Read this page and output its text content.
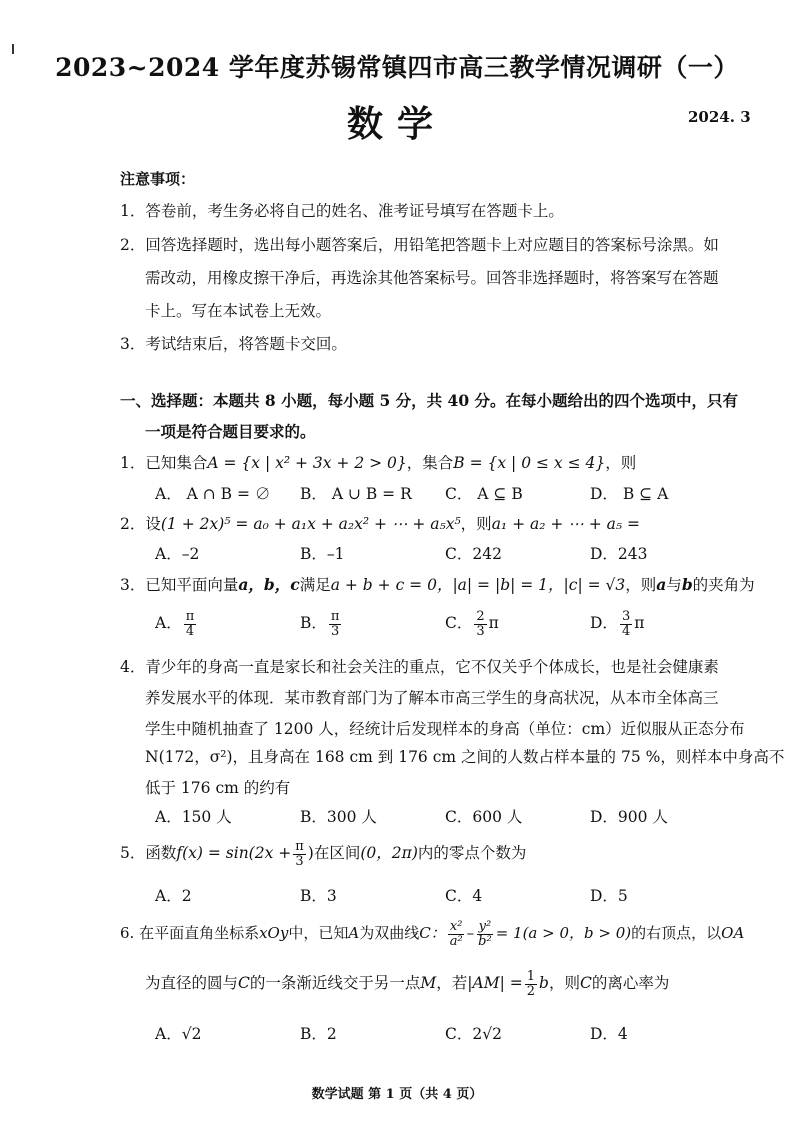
2023~2024 学年度苏锡常镇四市高三教学情况调研（一）
数学	2024. 3
注意事项：
1．答卷前，考生务必将自己的姓名、准考证号填写在答题卡上。
2．回答选择题时，选出每小题答案后，用铅笔把答题卡上对应题目的答案标号涂黑。如
需改动，用橡皮擦干净后，再选涂其他答案标号。回答非选择题时，将答案写在答题
卡上。写在本试卷上无效。
3．考试结束后，将答题卡交回。
一、选择题：本题共 8 小题，每小题 5 分，共 40 分。在每小题给出的四个选项中，只有
一项是符合题目要求的。
1．已知集合A = {x | x² + 3x + 2 > 0}，集合B = {x | 0 ≤ x ≤ 4}，则
A． A ∩ B = ∅ B． A ∪ B = R C． A ⊆ B	D． B ⊆ A
2．设(1 + 2x)⁵ = a₀ + a₁x + a₂x² + ⋯ + a₅x⁵，则a₁ + a₂ + ⋯ + a₅ =
A．–2	B．–1	C．242	D．243
3．已知平面向量a，b，c满足a + b + c = 0，|a| = |b| = 1，|c| = √3，则a与b的夹角为
A． $\frac{\pi}{4}$	B． $\frac{\pi}{3}$	C． $\frac{2}{3}$ π	D． $\frac{3}{4}$ π
4．青少年的身高一直是家长和社会关注的重点，它不仅关乎个体成长，也是社会健康素
养发展水平的体现．某市教育部门为了解本市高三学生的身高状况，从本市全体高三
学生中随机抽查了 1200 人，经统计后发现样本的身高（单位：cm）近似服从正态分布
N(172，σ²)，且身高在 168 cm 到 176 cm 之间的人数占样本量的 75 %，则样本中身高不
低于 176 cm 的约有
A．150 人	B．300 人	C．600 人	D．900 人
5．函数$f(x) = \sin(2x + \frac{\pi}{3}$ )在区间(0，2π)内的零点个数为
A．2	B．3	C．4	D．5
6. 在平面直角坐标系xOy中，已知A为双曲线C： $\frac{\text{x²}}{\text{a²}} - \frac{\text{y²}}{\text{b²}} = 1(a > 0$，b > 0)的右顶点，以OA
为直径的圆与C的一条渐近线交于另一点M，若$|AM| = \frac{1}{2}$ b，则C的离心率为
A．√2	B．2	C．2√2	D．4
数学试题 第 1 页（共 4 页）
